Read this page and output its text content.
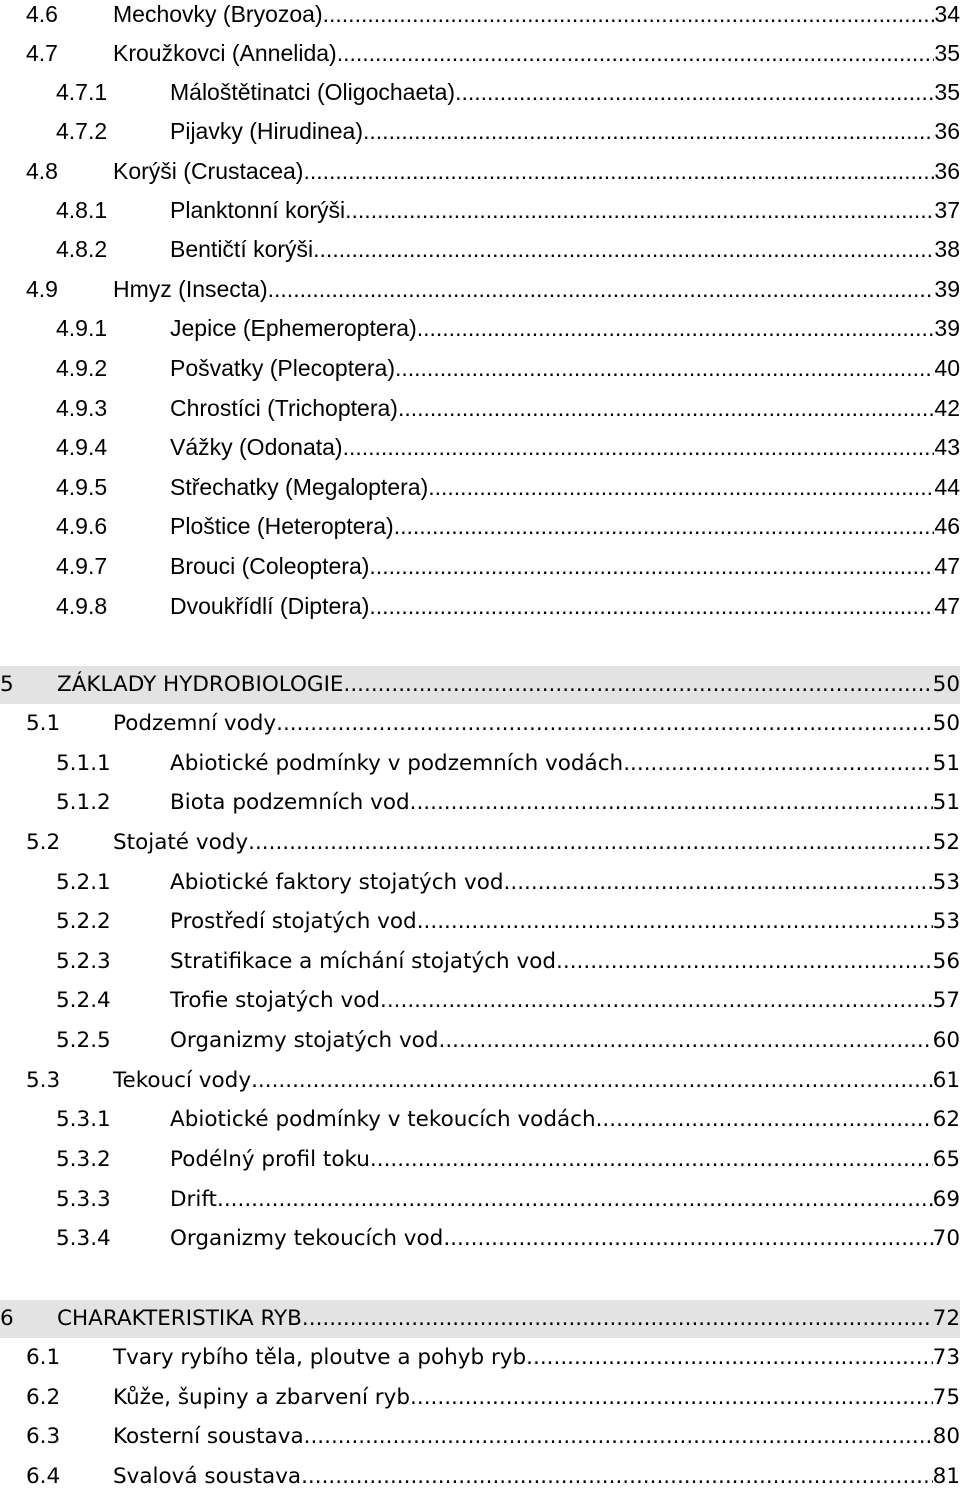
4.6 Mechovky (Bryozoa) .....	34
4.7 Kroužkovci (Annelida) .....	35
4.7.1	Máloštětinatci (Oligochaeta) .....	35
4.7.2	Pijavky (Hirudinea) .....	36
4.8 Korýši (Crustacea) .....	36
4.8.1	Planktonní korýši .....	37
4.8.2	Bentičtí korýši .....	38
4.9 Hmyz (Insecta) .....	39
4.9.1	Jepice (Ephemeroptera) .....	39
4.9.2	Pošvatky (Plecoptera) .....	40
4.9.3	Chrostíci (Trichoptera) .....	42
4.9.4	Vážky (Odonata) .....	43
4.9.5	Střechatky (Megaloptera) .....	44
4.9.6	Ploštice (Heteroptera) .....	46
4.9.7	Brouci (Coleoptera) .....	47
4.9.8	Dvoukřídlí (Diptera) .....	47
5 ZÁKLADY HYDROBIOLOGIE .....	50
5.1 Podzemní vody .....	50
5.1.1	Abiotické podmínky v podzemních vodách .....	51
5.1.2	Biota podzemních vod .....	51
5.2 Stojaté vody .....	52
5.2.1	Abiotické faktory stojatých vod .....	53
5.2.2	Prostředí stojatých vod .....	53
5.2.3	Stratifikace a míchání stojatých vod .....	56
5.2.4	Trofie stojatých vod .....	57
5.2.5	Organizmy stojatých vod .....	60
5.3 Tekoucí vody .....	61
5.3.1	Abiotické podmínky v tekoucích vodách .....	62
5.3.2	Podélný profil toku .....	65
5.3.3	Drift .....	69
5.3.4	Organizmy tekoucích vod .....	70
6 CHARAKTERISTIKA RYB .....	72
6.1 Tvary rybího těla, ploutve a pohyb ryb .....	73
6.2 Kůže, šupiny a zbarvení ryb .....	75
6.3 Kosterní soustava .....	80
6.4 Svalová soustava .....	81
